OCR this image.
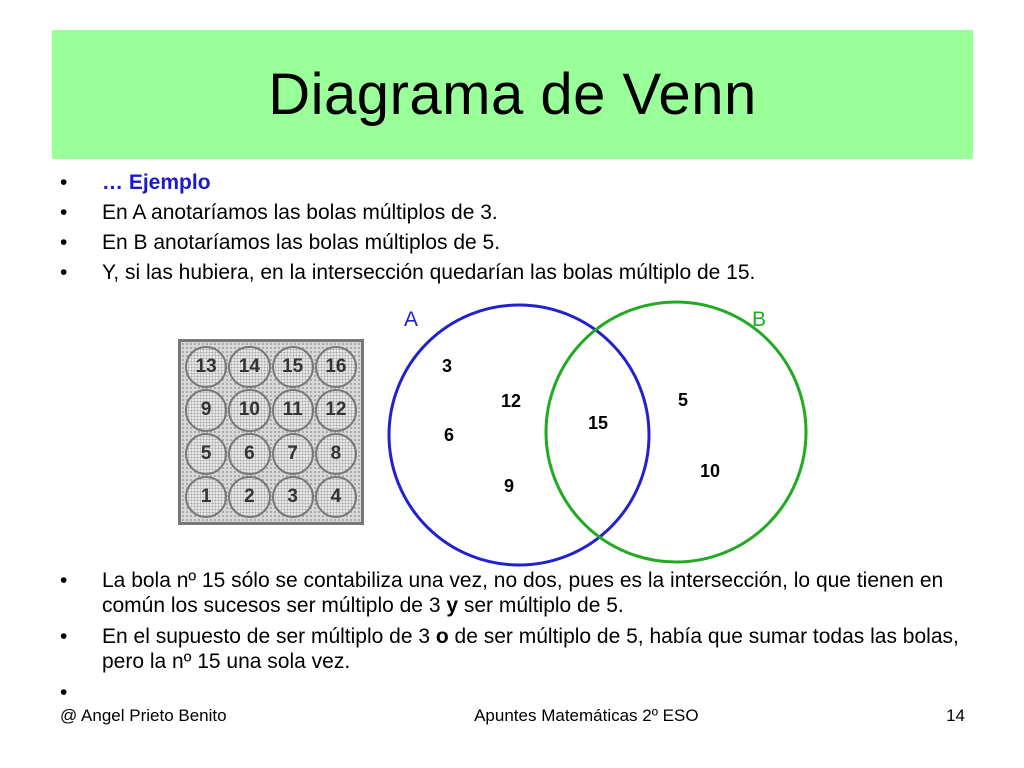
Diagrama de Venn
•	… Ejemplo
•	En A anotaríamos las bolas múltiplos de 3.
•	En B anotaríamos las bolas múltiplos de 5.
•	Y, si las hubiera, en la intersección quedarían las bolas múltiplo de 15.
13	14	15	16
9	10	11	12
5	6	7	8
1	2	3	4
A	B
3
12
6
9
15
5
10
•	La bola nº 15 sólo se contabiliza una vez, no dos, pues es la intersección, lo que tienen en común los sucesos ser múltiplo de 3 y ser múltiplo de 5.
•	En el supuesto de ser múltiplo de 3 o de ser múltiplo de 5, había que sumar todas las bolas, pero la nº 15 una sola vez.
•
@ Angel Prieto Benito	Apuntes Matemáticas 2º ESO	14
